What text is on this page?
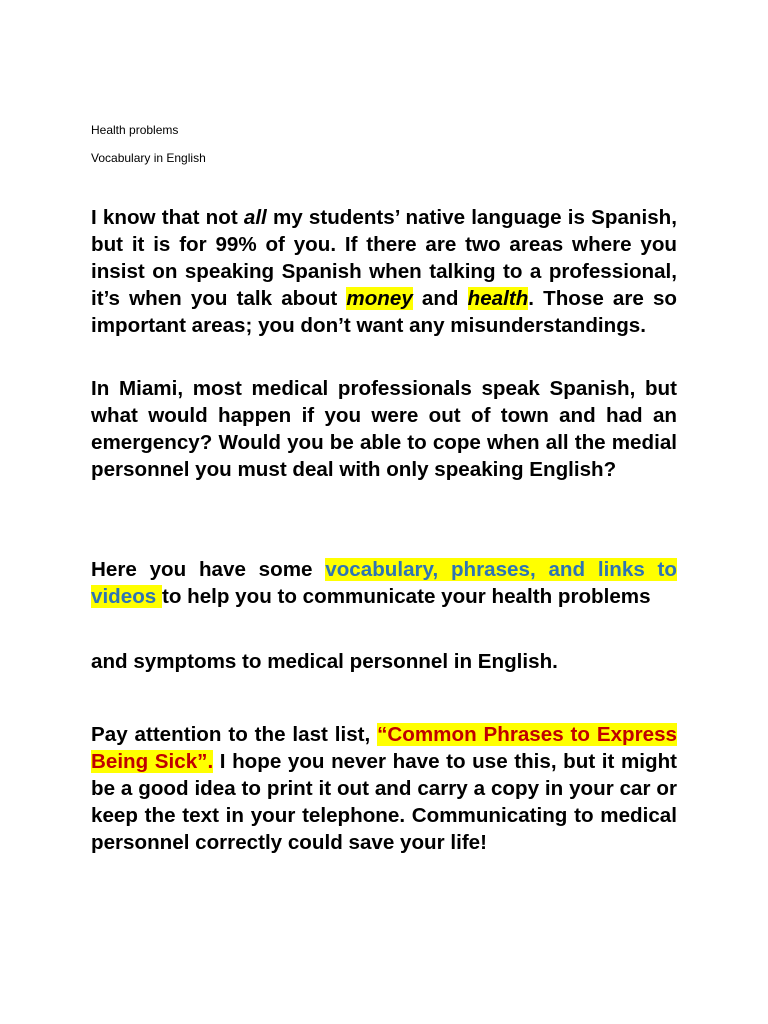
Health problems
Vocabulary in English

I know that not all my students’ native language is Spanish, but it is for 99% of you. If there are two areas where you insist on speaking Spanish when talking to a professional, it’s when you talk about money and health. Those are so important areas; you don’t want any misunderstandings.

In Miami, most medical professionals speak Spanish, but what would happen if you were out of town and had an emergency? Would you be able to cope when all the medial personnel you must deal with only speaking English?

Here you have some vocabulary, phrases, and links to videos to help you to communicate your health problems

and symptoms to medical personnel in English.

Pay attention to the last list, “Common Phrases to Express Being Sick”. I hope you never have to use this, but it might be a good idea to print it out and carry a copy in your car or keep the text in your telephone. Communicating to medical personnel correctly could save your life!
